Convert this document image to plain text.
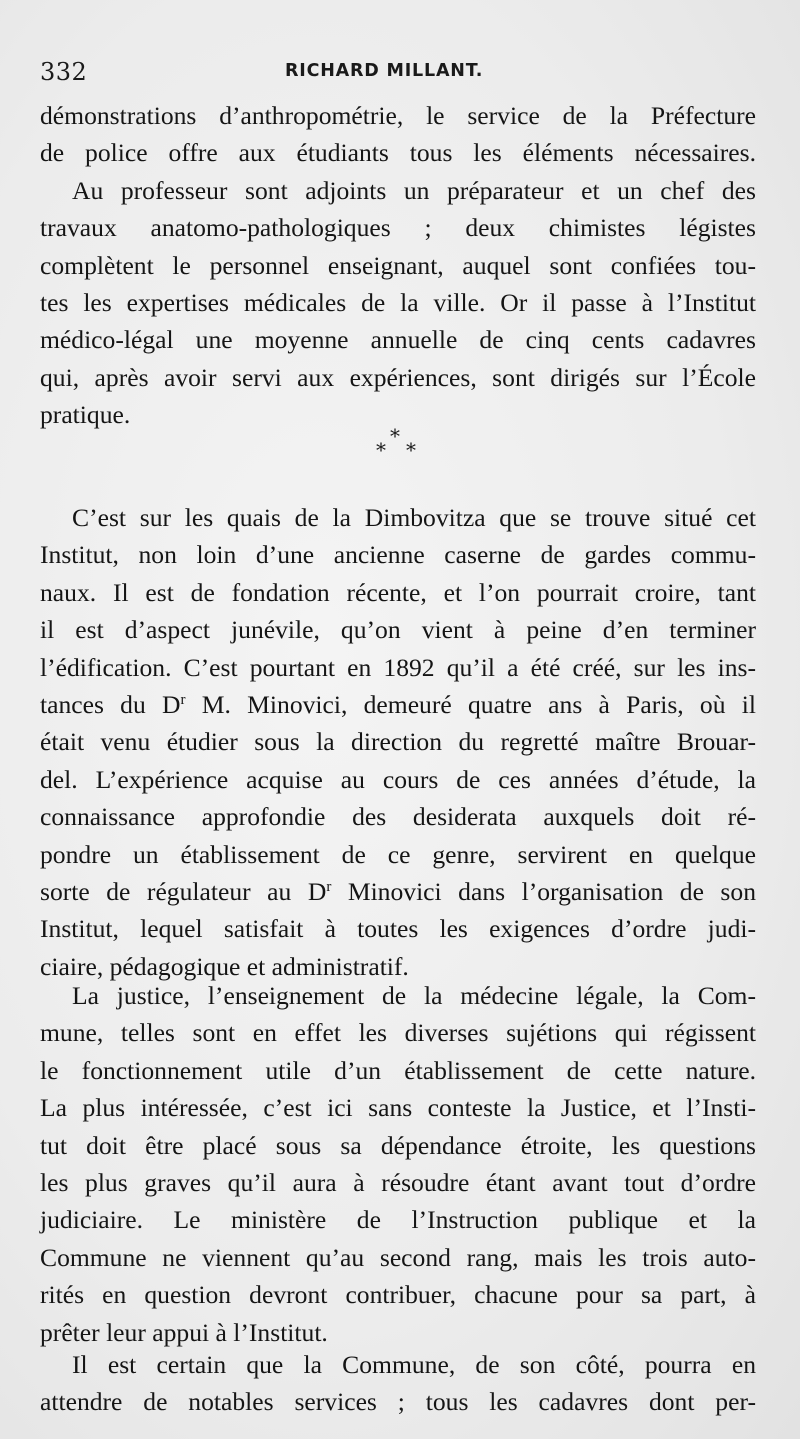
332	RICHARD MILLANT.
démonstrations d’anthropométrie, le service de la Préfecture
de police offre aux étudiants tous les éléments nécessaires.
Au professeur sont adjoints un préparateur et un chef des
travaux anatomo-pathologiques ; deux chimistes légistes
complètent le personnel enseignant, auquel sont confiées tou-
tes les expertises médicales de la ville. Or il passe à l’Institut
médico-légal une moyenne annuelle de cinq cents cadavres
qui, après avoir servi aux expériences, sont dirigés sur l’École
pratique.
*
* *
C’est sur les quais de la Dimbovitza que se trouve situé cet
Institut, non loin d’une ancienne caserne de gardes commu-
naux. Il est de fondation récente, et l’on pourrait croire, tant
il est d’aspect junévile, qu’on vient à peine d’en terminer
l’édification. C’est pourtant en 1892 qu’il a été créé, sur les ins-
tances du $D^r$ M. Minovici, demeuré quatre ans à Paris, où il
était venu étudier sous la direction du regretté maître Brouar-
del. L’expérience acquise au cours de ces années d’étude, la
connaissance approfondie des desiderata auxquels doit ré-
pondre un établissement de ce genre, servirent en quelque
sorte de régulateur au $D^r$ Minovici dans l’organisation de son
Institut, lequel satisfait à toutes les exigences d’ordre judi-
ciaire, pédagogique et administratif.
La justice, l’enseignement de la médecine légale, la Com-
mune, telles sont en effet les diverses sujétions qui régissent
le fonctionnement utile d’un établissement de cette nature.
La plus intéressée, c’est ici sans conteste la Justice, et l’Insti-
tut doit être placé sous sa dépendance étroite, les questions
les plus graves qu’il aura à résoudre étant avant tout d’ordre
judiciaire. Le ministère de l’Instruction publique et la
Commune ne viennent qu’au second rang, mais les trois auto-
rités en question devront contribuer, chacune pour sa part, à
prêter leur appui à l’Institut.
Il est certain que la Commune, de son côté, pourra en
attendre de notables services ; tous les cadavres dont per-
